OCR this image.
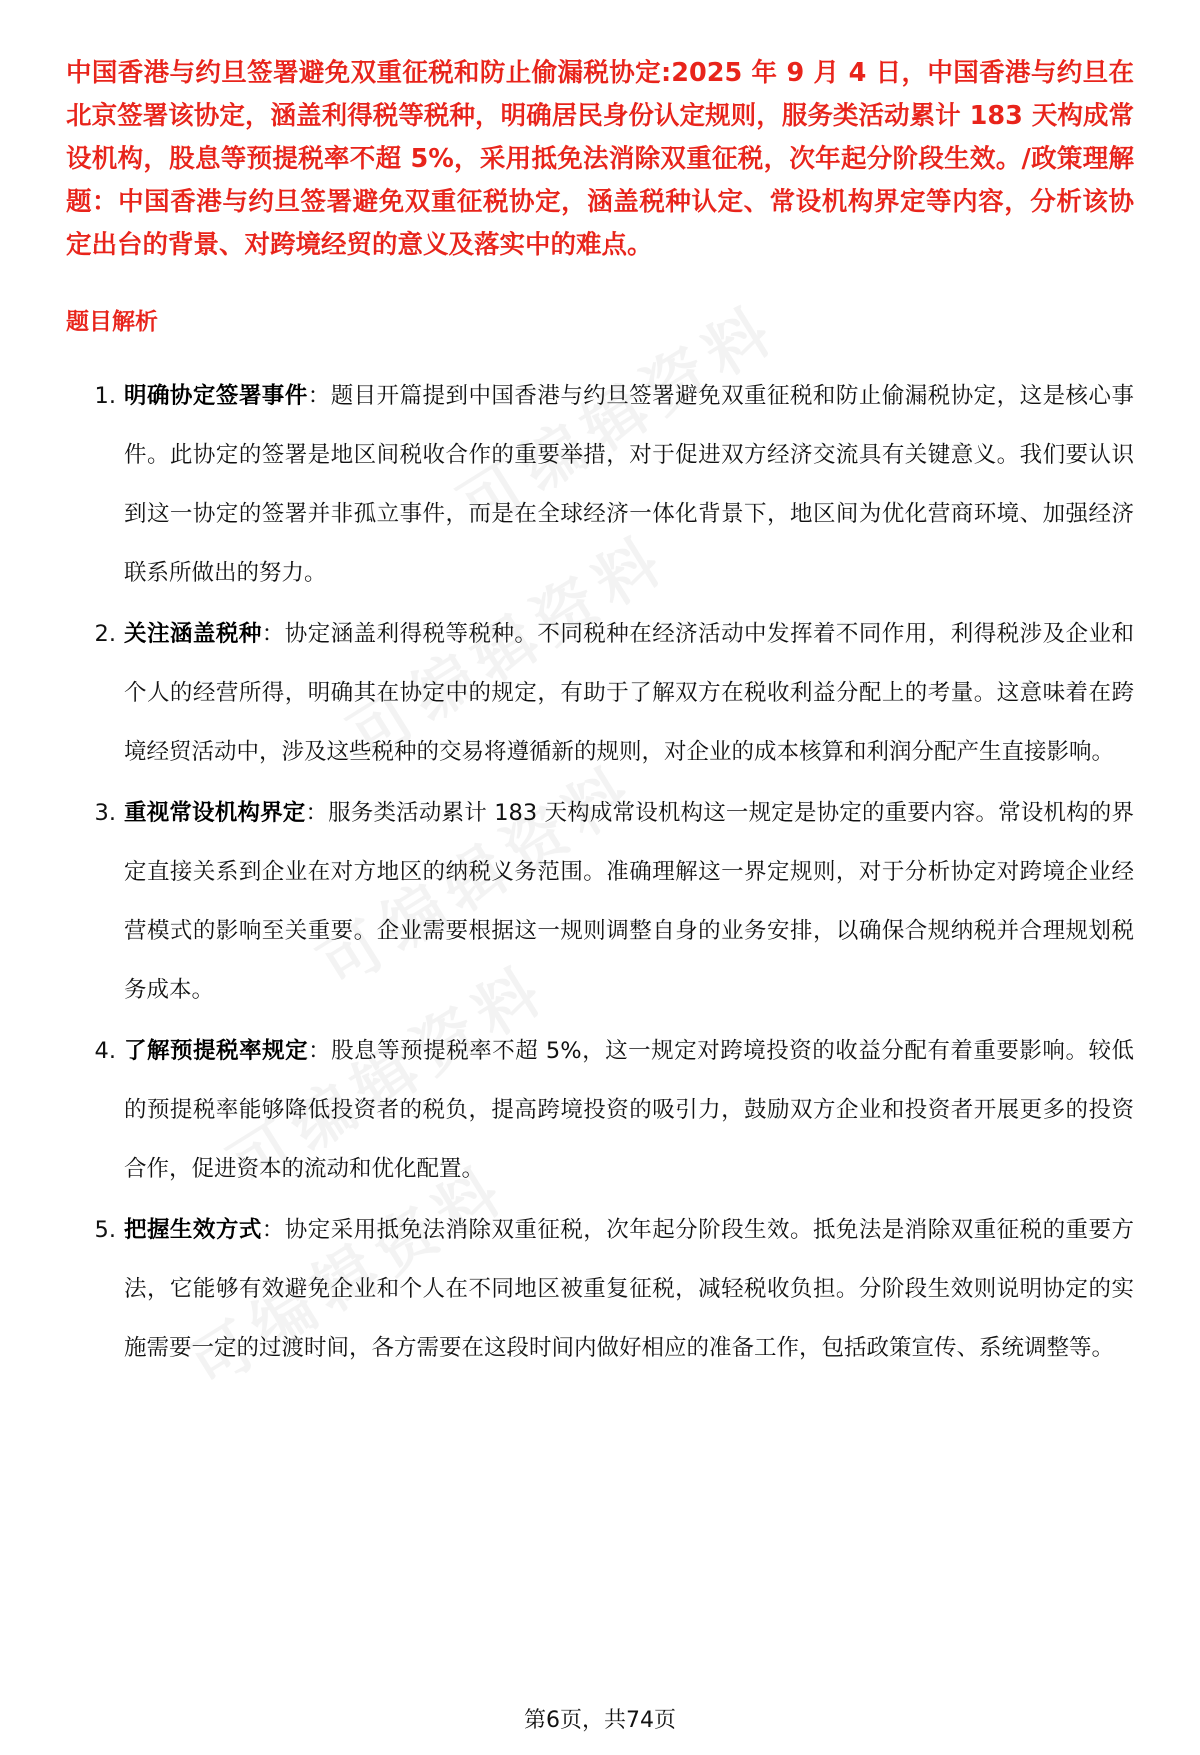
中国香港与约旦签署避免双重征税和防止偷漏税协定:2025 年 9 月 4 日，中国香港与约旦在北京签署该协定，涵盖利得税等税种，明确居民身份认定规则，服务类活动累计 183 天构成常设机构，股息等预提税率不超 5%，采用抵免法消除双重征税，次年起分阶段生效。/政策理解题：中国香港与约旦签署避免双重征税协定，涵盖税种认定、常设机构界定等内容，分析该协定出台的背景、对跨境经贸的意义及落实中的难点。

题目解析
1. 明确协定签署事件：题目开篇提到中国香港与约旦签署避免双重征税和防止偷漏税协定，这是核心事件。此协定的签署是地区间税收合作的重要举措，对于促进双方经济交流具有关键意义。我们要认识到这一协定的签署并非孤立事件，而是在全球经济一体化背景下，地区间为优化营商环境、加强经济联系所做出的努力。
2. 关注涵盖税种：协定涵盖利得税等税种。不同税种在经济活动中发挥着不同作用，利得税涉及企业和个人的经营所得，明确其在协定中的规定，有助于了解双方在税收利益分配上的考量。这意味着在跨境经贸活动中，涉及这些税种的交易将遵循新的规则，对企业的成本核算和利润分配产生直接影响。
3. 重视常设机构界定：服务类活动累计 183 天构成常设机构这一规定是协定的重要内容。常设机构的界定直接关系到企业在对方地区的纳税义务范围。准确理解这一界定规则，对于分析协定对跨境企业经营模式的影响至关重要。企业需要根据这一规则调整自身的业务安排，以确保合规纳税并合理规划税务成本。
4. 了解预提税率规定：股息等预提税率不超 5%，这一规定对跨境投资的收益分配有着重要影响。较低的预提税率能够降低投资者的税负，提高跨境投资的吸引力，鼓励双方企业和投资者开展更多的投资合作，促进资本的流动和优化配置。
5. 把握生效方式：协定采用抵免法消除双重征税，次年起分阶段生效。抵免法是消除双重征税的重要方法，它能够有效避免企业和个人在不同地区被重复征税，减轻税收负担。分阶段生效则说明协定的实施需要一定的过渡时间，各方需要在这段时间内做好相应的准备工作，包括政策宣传、系统调整等。
第6页，共74页
